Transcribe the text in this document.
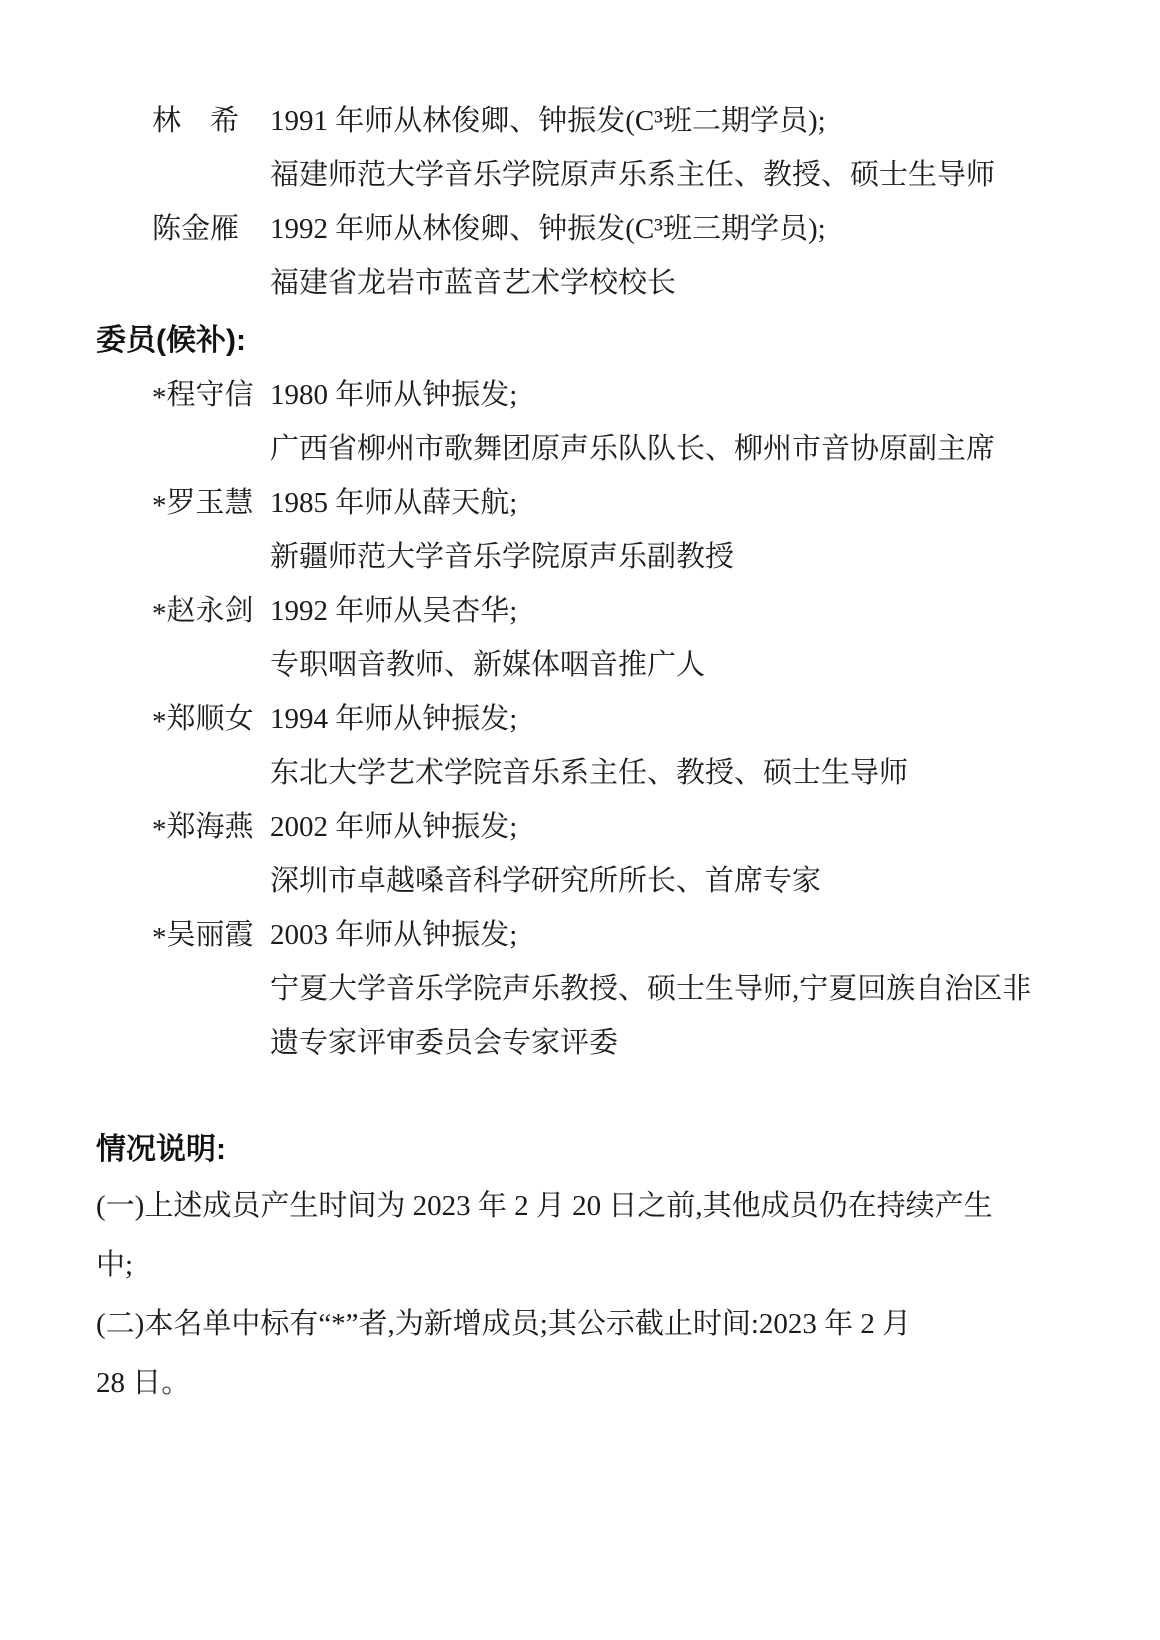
林　希	1991 年师从林俊卿、钟振发(C³班二期学员);
福建师范大学音乐学院原声乐系主任、教授、硕士生导师
陈金雁	1992 年师从林俊卿、钟振发(C³班三期学员);
福建省龙岩市蓝音艺术学校校长
委员(候补):
*程守信 1980 年师从钟振发;
广西省柳州市歌舞团原声乐队队长、柳州市音协原副主席
*罗玉慧 1985 年师从薛天航;
新疆师范大学音乐学院原声乐副教授
*赵永剑 1992 年师从吴杏华;
专职咽音教师、新媒体咽音推广人
*郑顺女 1994 年师从钟振发;
东北大学艺术学院音乐系主任、教授、硕士生导师
*郑海燕 2002 年师从钟振发;
深圳市卓越嗓音科学研究所所长、首席专家
*吴丽霞 2003 年师从钟振发;
宁夏大学音乐学院声乐教授、硕士生导师,宁夏回族自治区非
遗专家评审委员会专家评委
情况说明:
(一)上述成员产生时间为 2023 年 2 月 20 日之前,其他成员仍在持续产生
中;
(二)本名单中标有“*”者,为新增成员;其公示截止时间:2023 年 2 月
28 日。
